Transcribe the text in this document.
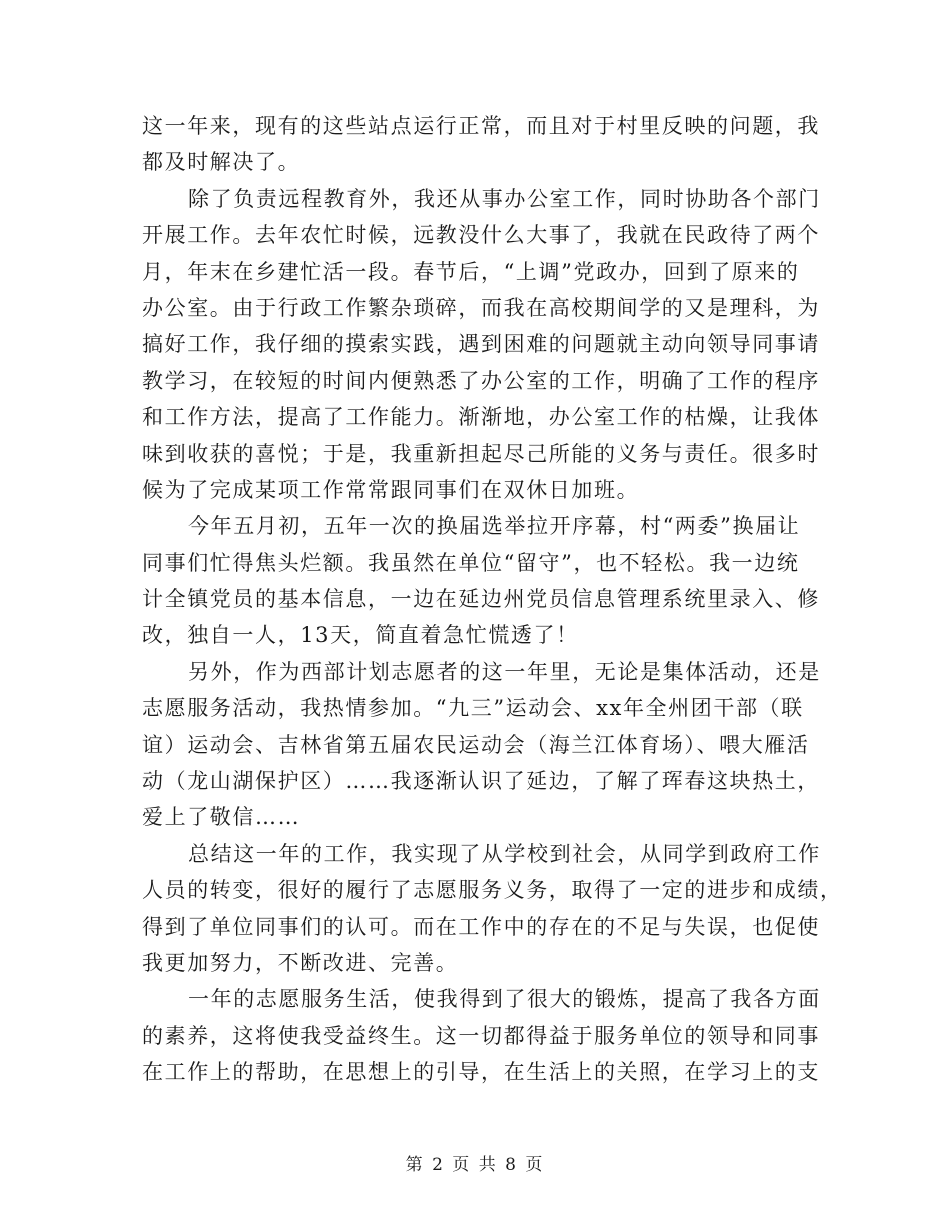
这一年来，现有的这些站点运行正常，而且对于村里反映的问题，我
都及时解决了。
除了负责远程教育外，我还从事办公室工作，同时协助各个部门
开展工作。去年农忙时候，远教没什么大事了，我就在民政待了两个
月，年末在乡建忙活一段。春节后，“上调”党政办，回到了原来的
办公室。由于行政工作繁杂琐碎，而我在高校期间学的又是理科，为
搞好工作，我仔细的摸索实践，遇到困难的问题就主动向领导同事请
教学习，在较短的时间内便熟悉了办公室的工作，明确了工作的程序
和工作方法，提高了工作能力。渐渐地，办公室工作的枯燥，让我体
味到收获的喜悦；于是，我重新担起尽己所能的义务与责任。很多时
候为了完成某项工作常常跟同事们在双休日加班。
今年五月初，五年一次的换届选举拉开序幕，村“两委”换届让
同事们忙得焦头烂额。我虽然在单位“留守”，也不轻松。我一边统
计全镇党员的基本信息，一边在延边州党员信息管理系统里录入、修
改，独自一人，13天，简直着急忙慌透了！
另外，作为西部计划志愿者的这一年里，无论是集体活动，还是
志愿服务活动，我热情参加。“九三”运动会、xx年全州团干部（联
谊）运动会、吉林省第五届农民运动会（海兰江体育场）、喂大雁活
动（龙山湖保护区）……我逐渐认识了延边，了解了珲春这块热土，
爱上了敬信……
总结这一年的工作，我实现了从学校到社会，从同学到政府工作
人员的转变，很好的履行了志愿服务义务，取得了一定的进步和成绩，
得到了单位同事们的认可。而在工作中的存在的不足与失误，也促使
我更加努力，不断改进、完善。
一年的志愿服务生活，使我得到了很大的锻炼，提高了我各方面
的素养，这将使我受益终生。这一切都得益于服务单位的领导和同事
在工作上的帮助，在思想上的引导，在生活上的关照，在学习上的支
第 2 页 共 8 页
